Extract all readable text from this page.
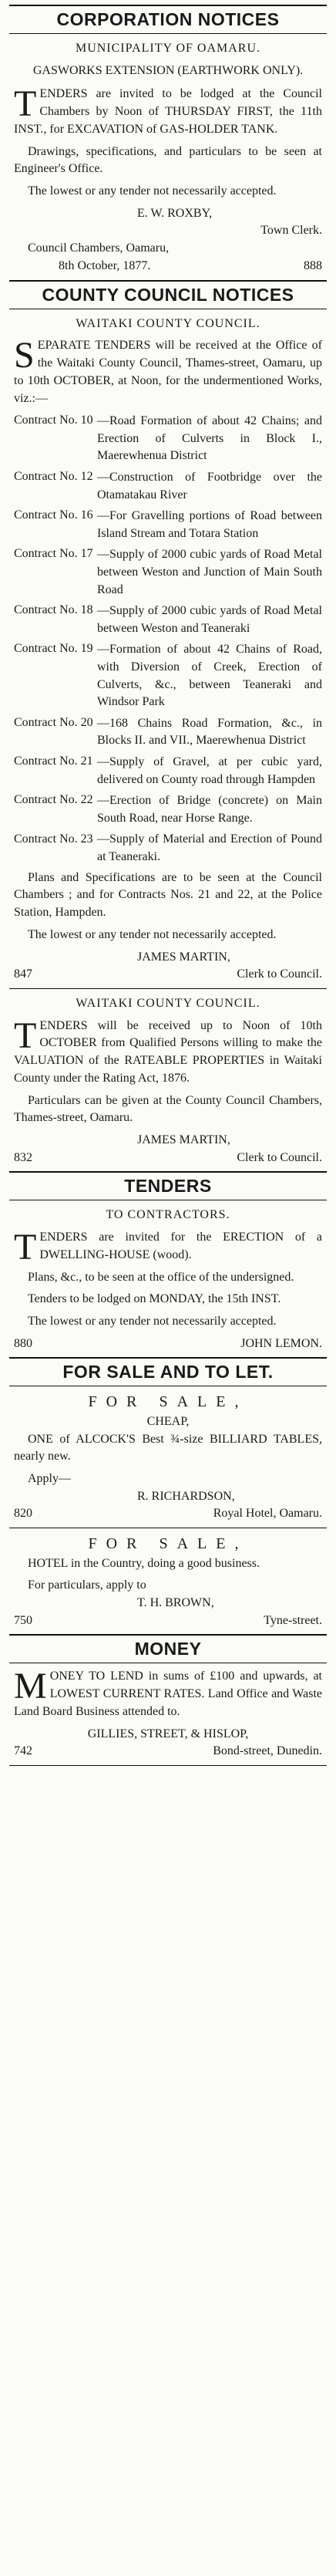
CORPORATION NOTICES
MUNICIPALITY OF OAMARU.
GASWORKS EXTENSION (EARTHWORK ONLY).

TENDERS are invited to be lodged at the Council Chambers by Noon of THURSDAY FIRST, the 11th INST., for EXCAVATION of GAS-HOLDER TANK.

Drawings, specifications, and particulars to be seen at Engineer's Office.

The lowest or any tender not necessarily accepted.

E. W. ROXBY,
Town Clerk.
Council Chambers, Oamaru,
8th October, 1877.	888
COUNTY COUNCIL NOTICES
WAITAKI COUNTY COUNCIL.

SEPARATE TENDERS will be received at the Office of the Waitaki County Council, Thames-street, Oamaru, up to 10th OCTOBER, at Noon, for the undermentioned Works, viz.:—

Contract No. 10 —Road Formation of about 42 Chains; and Erection of Culverts in Block I., Maerewhenua District
Contract No. 12 —Construction of Footbridge over the Otamatakau River
Contract No. 16 —For Gravelling portions of Road between Island Stream and Totara Station
Contract No. 17 —Supply of 2000 cubic yards of Road Metal between Weston and Junction of Main South Road
Contract No. 18 —Supply of 2000 cubic yards of Road Metal between Weston and Teaneraki
Contract No. 19 —Formation of about 42 Chains of Road, with Diversion of Creek, Erection of Culverts, &c., between Teaneraki and Windsor Park
Contract No. 20 —168 Chains Road Formation, &c., in Blocks II. and VII., Maerewhenua District
Contract No. 21 —Supply of Gravel, at per cubic yard, delivered on County road through Hampden
Contract No. 22 —Erection of Bridge (concrete) on Main South Road, near Horse Range.
Contract No. 23 —Supply of Material and Erection of Pound at Teaneraki.

Plans and Specifications are to be seen at the Council Chambers ; and for Contracts Nos. 21 and 22, at the Police Station, Hampden.

The lowest or any tender not necessarily accepted.

JAMES MARTIN,
847	Clerk to Council.
WAITAKI COUNTY COUNCIL.

TENDERS will be received up to Noon of 10th OCTOBER from Qualified Persons willing to make the VALUATION of the RATEABLE PROPERTIES in Waitaki County under the Rating Act, 1876.

Particulars can be given at the County Council Chambers, Thames-street, Oamaru.

JAMES MARTIN,
832	Clerk to Council.
TENDERS
TO CONTRACTORS.

TENDERS are invited for the ERECTION of a DWELLING-HOUSE (wood).

Plans, &c., to be seen at the office of the undersigned.

Tenders to be lodged on MONDAY, the 15th INST.

The lowest or any tender not necessarily accepted.

880	JOHN LEMON.
FOR SALE AND TO LET.
FOR SALE,
CHEAP,

ONE of ALCOCK'S Best ¾-size BILLIARD TABLES, nearly new.

Apply—
R. RICHARDSON,
820	Royal Hotel, Oamaru.
FOR SALE,

HOTEL in the Country, doing a good business.

For particulars, apply to
T. H. BROWN,
750	Tyne-street.
MONEY

MONEY TO LEND in sums of £100 and upwards, at LOWEST CURRENT RATES. Land Office and Waste Land Board Business attended to.

GILLIES, STREET, & HISLOP,
742	Bond-street, Dunedin.
